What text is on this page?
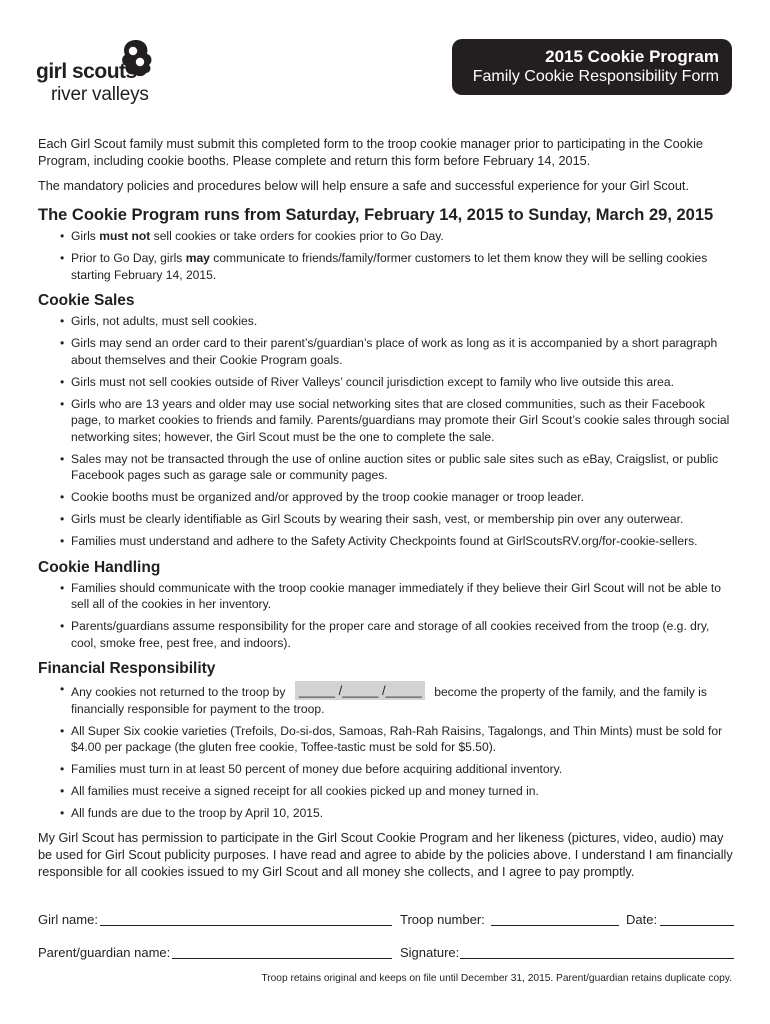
girl scouts
river valleys
2015 Cookie Program
Family Cookie Responsibility Form

Each Girl Scout family must submit this completed form to the troop cookie manager prior to participating in the Cookie Program, including cookie booths. Please complete and return this form before February 14, 2015.

The mandatory policies and procedures below will help ensure a safe and successful experience for your Girl Scout.

The Cookie Program runs from Saturday, February 14, 2015 to Sunday, March 29, 2015
• Girls must not sell cookies or take orders for cookies prior to Go Day.
• Prior to Go Day, girls may communicate to friends/family/former customers to let them know they will be selling cookies starting February 14, 2015.
Cookie Sales
• Girls, not adults, must sell cookies.
• Girls may send an order card to their parent’s/guardian’s place of work as long as it is accompanied by a short paragraph about themselves and their Cookie Program goals.
• Girls must not sell cookies outside of River Valleys’ council jurisdiction except to family who live outside this area.
• Girls who are 13 years and older may use social networking sites that are closed communities, such as their Facebook page, to market cookies to friends and family. Parents/guardians may promote their Girl Scout’s cookie sales through social networking sites; however, the Girl Scout must be the one to complete the sale.
• Sales may not be transacted through the use of online auction sites or public sale sites such as eBay, Craigslist, or public Facebook pages such as garage sale or community pages.
• Cookie booths must be organized and/or approved by the troop cookie manager or troop leader.
• Girls must be clearly identifiable as Girl Scouts by wearing their sash, vest, or membership pin over any outerwear.
• Families must understand and adhere to the Safety Activity Checkpoints found at GirlScoutsRV.org/for-cookie-sellers.
Cookie Handling
• Families should communicate with the troop cookie manager immediately if they believe their Girl Scout will not be able to sell all of the cookies in her inventory.
• Parents/guardians assume responsibility for the proper care and storage of all cookies received from the troop (e.g. dry, cool, smoke free, pest free, and indoors).
Financial Responsibility
• Any cookies not returned to the troop by _____ /_____ /_____ become the property of the family, and the family is financially responsible for payment to the troop.
• All Super Six cookie varieties (Trefoils, Do-si-dos, Samoas, Rah-Rah Raisins, Tagalongs, and Thin Mints) must be sold for $4.00 per package (the gluten free cookie, Toffee-tastic must be sold for $5.50).
• Families must turn in at least 50 percent of money due before acquiring additional inventory.
• All families must receive a signed receipt for all cookies picked up and money turned in.
• All funds are due to the troop by April 10, 2015.

My Girl Scout has permission to participate in the Girl Scout Cookie Program and her likeness (pictures, video, audio) may be used for Girl Scout publicity purposes. I have read and agree to abide by the policies above. I understand I am financially responsible for all cookies issued to my Girl Scout and all money she collects, and I agree to pay promptly.

Girl name:	Troop number:	Date:
Parent/guardian name:	Signature:
Troop retains original and keeps on file until December 31, 2015. Parent/guardian retains duplicate copy.
